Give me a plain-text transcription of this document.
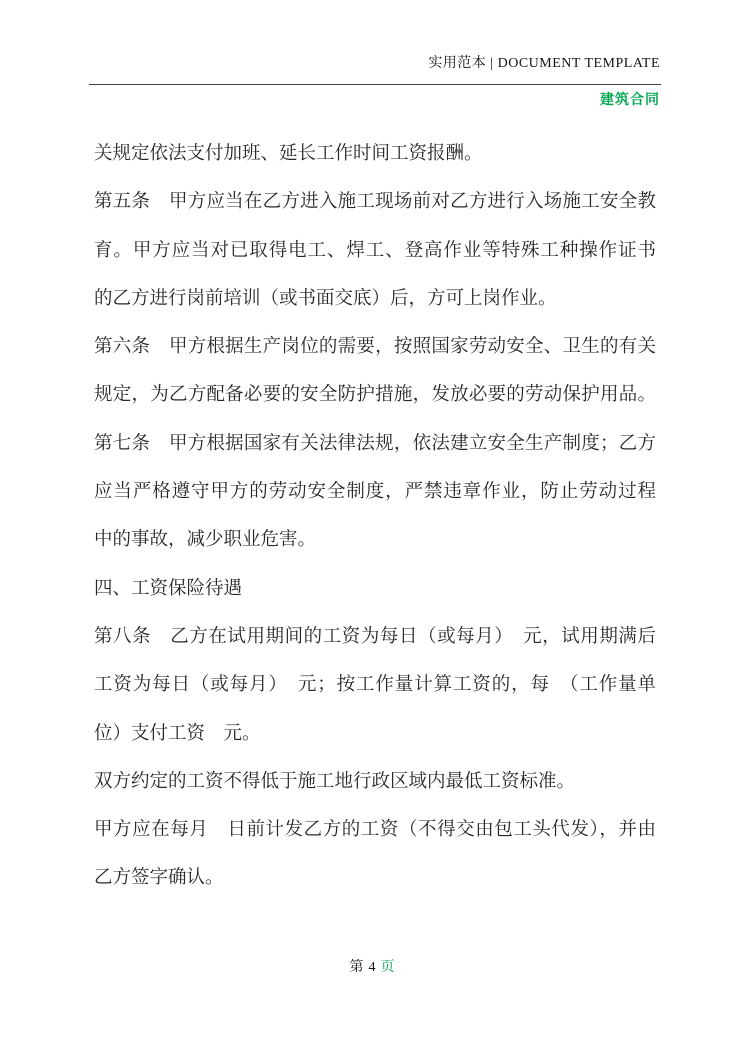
实用范本 | DOCUMENT TEMPLATE
建筑合同
关规定依法支付加班、延长工作时间工资报酬。
第五条　甲方应当在乙方进入施工现场前对乙方进行入场施工安全教
育。甲方应当对已取得电工、焊工、登高作业等特殊工种操作证书
的乙方进行岗前培训（或书面交底）后，方可上岗作业。
第六条　甲方根据生产岗位的需要，按照国家劳动安全、卫生的有关
规定，为乙方配备必要的安全防护措施，发放必要的劳动保护用品。
第七条　甲方根据国家有关法律法规，依法建立安全生产制度；乙方
应当严格遵守甲方的劳动安全制度，严禁违章作业，防止劳动过程
中的事故，减少职业危害。
四、工资保险待遇
第八条　乙方在试用期间的工资为每日（或每月）　元，试用期满后
工资为每日（或每月）　元；按工作量计算工资的，每　（工作量单
位）支付工资　元。
双方约定的工资不得低于施工地行政区域内最低工资标准。
甲方应在每月　日前计发乙方的工资（不得交由包工头代发），并由
乙方签字确认。
第 4 页
